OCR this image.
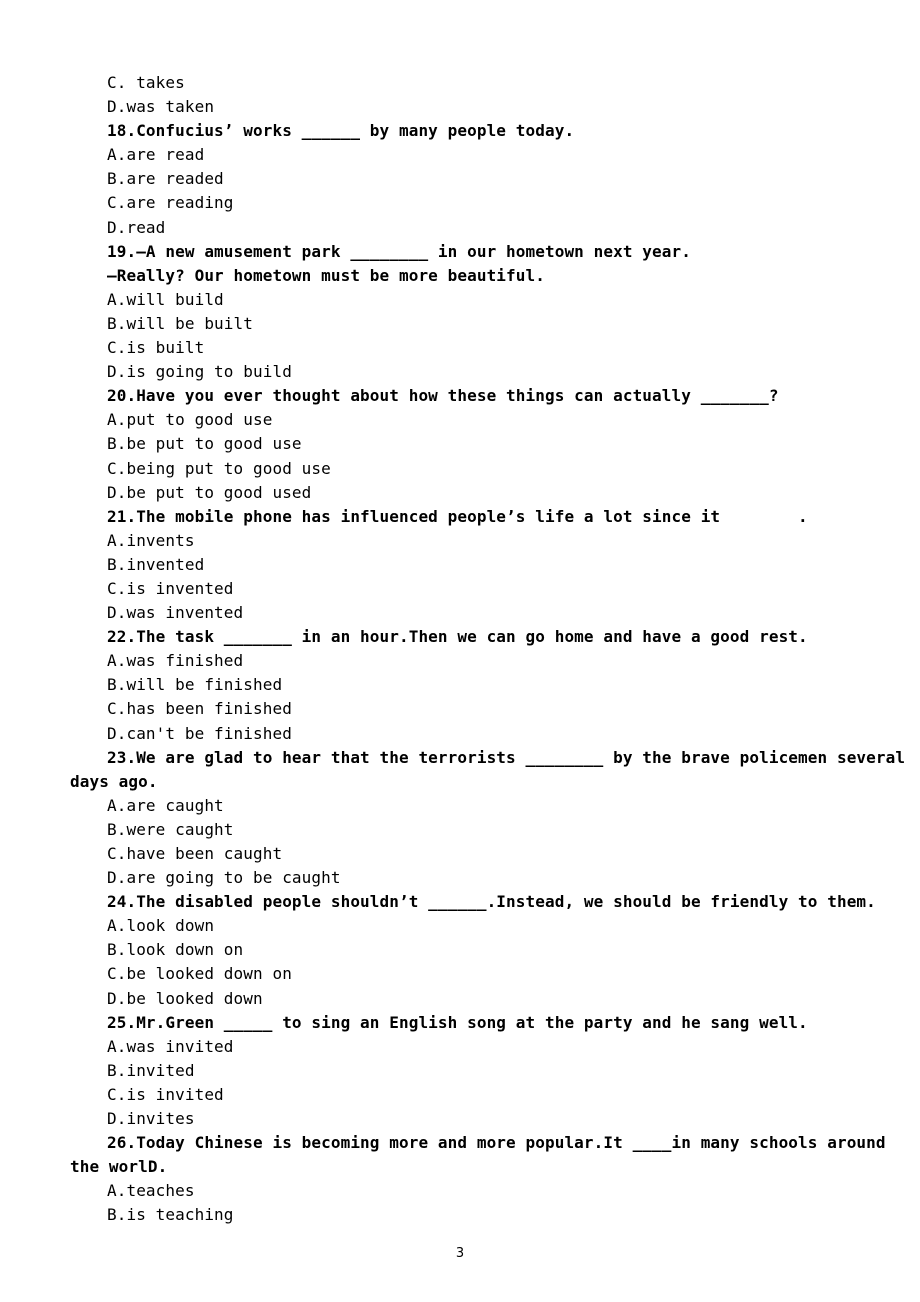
C. takes
D.was taken
18.Confucius’ works ______ by many people today.
A.are read
B.are readed
C.are reading
D.read
19.—A new amusement park ________ in our hometown next year.
—Really? Our hometown must be more beautiful.
A.will build
B.will be built
C.is built
D.is going to build
20.Have you ever thought about how these things can actually _______?
A.put to good use
B.be put to good use
C.being put to good use
D.be put to good used
21.The mobile phone has influenced people’s life a lot since it        .
A.invents
B.invented
C.is invented
D.was invented
22.The task _______ in an hour.Then we can go home and have a good rest.
A.was finished
B.will be finished
C.has been finished
D.can't be finished
23.We are glad to hear that the terrorists ________ by the brave policemen several
days ago.
A.are caught
B.were caught
C.have been caught
D.are going to be caught
24.The disabled people shouldn’t ______.Instead, we should be friendly to them.
A.look down
B.look down on
C.be looked down on
D.be looked down
25.Mr.Green _____ to sing an English song at the party and he sang well.
A.was invited
B.invited
C.is invited
D.invites
26.Today Chinese is becoming more and more popular.It ____in many schools around
the worlD.
A.teaches
B.is teaching
3
